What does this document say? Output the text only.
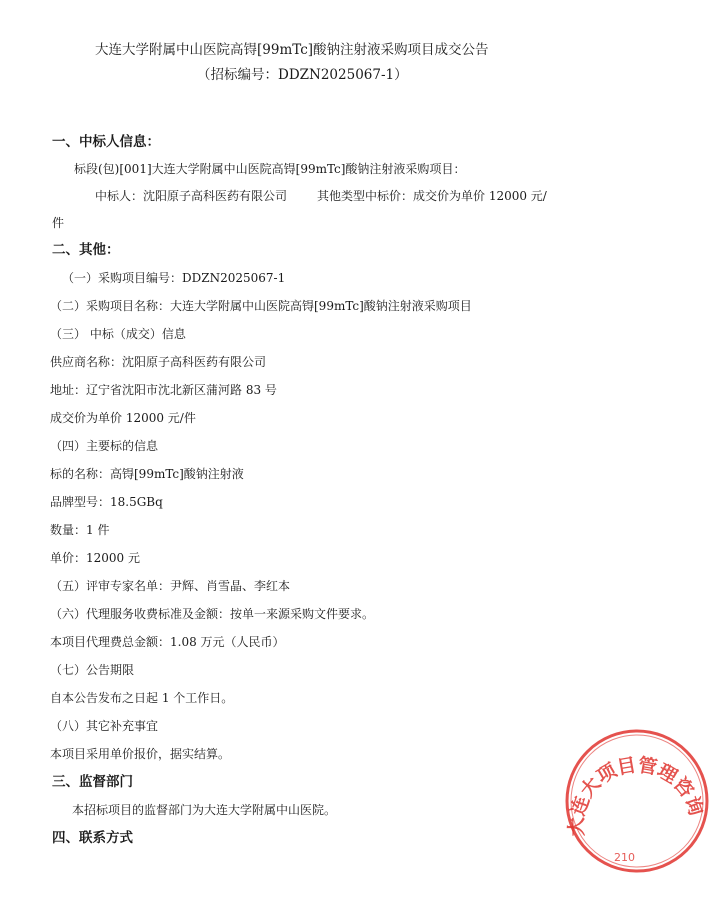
大连大学附属中山医院高锝[99mTc]酸钠注射液采购项目成交公告
（招标编号：DDZN2025067-1）
一、中标人信息：
标段(包)[001]大连大学附属中山医院高锝[99mTc]酸钠注射液采购项目：
中标人：沈阳原子高科医药有限公司 其他类型中标价：成交价为单价 12000 元/
件
二、其他：
（一）采购项目编号：DDZN2025067-1
（二）采购项目名称：大连大学附属中山医院高锝[99mTc]酸钠注射液采购项目
（三） 中标（成交）信息
供应商名称：沈阳原子高科医药有限公司
地址：辽宁省沈阳市沈北新区蒲河路 83 号
成交价为单价 12000 元/件
（四）主要标的信息
标的名称：高锝[99mTc]酸钠注射液
品牌型号：18.5GBq
数量：1 件
单价：12000 元
（五）评审专家名单：尹辉、肖雪晶、李红本
（六）代理服务收费标准及金额：按单一来源采购文件要求。
本项目代理费总金额：1.08 万元（人民币）
（七）公告期限
自本公告发布之日起 1 个工作日。
（八）其它补充事宜
本项目采用单价报价，据实结算。
三、监督部门
本招标项目的监督部门为大连大学附属中山医院。
四、联系方式
大连大项目管理咨询
210
